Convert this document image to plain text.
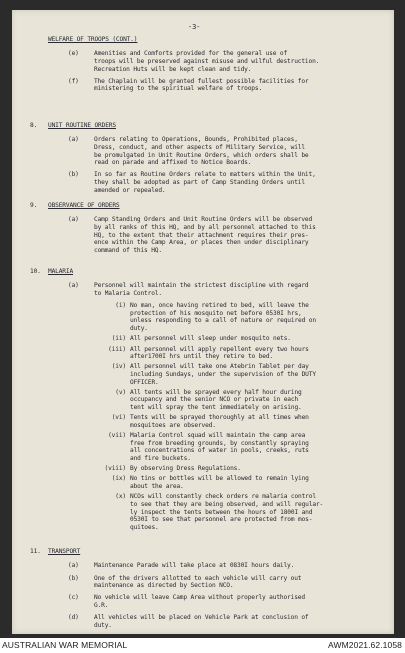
-3-
WELFARE OF TROOPS (CONT.)
(e) Amenities and Comforts provided for the general use of
troops will be preserved against misuse and wilful destruction.
Recreation Huts will be kept clean and tidy.
(f) The Chaplain will be granted fullest possible facilities for
ministering to the spiritual welfare of troops.
8. UNIT ROUTINE ORDERS
(a) Orders relating to Operations, Bounds, Prohibited places,
Dress, conduct, and other aspects of Military Service, will
be promulgated in Unit Routine Orders, which orders shall be
read on parade and affixed to Notice Boards.
(b) In so far as Routine Orders relate to matters within the Unit,
they shall be adopted as part of Camp Standing Orders until
amended or repealed.
9. OBSERVANCE OF ORDERS
(a) Camp Standing Orders and Unit Routine Orders will be observed
by all ranks of this HQ, and by all personnel attached to this
HQ, to the extent that their attachment requires their pres-
ence within the Camp Area, or places then under disciplinary
command of this HQ.
10. MALARIA
(a) Personnel will maintain the strictest discipline with regard
to Malaria Control.
(i) No man, once having retired to bed, will leave the
protection of his mosquito net before 0530I hrs,
unless responding to a call of nature or required on
duty.
(ii) All personnel will sleep under mosquito nets.
(iii) All personnel will apply repellent every two hours
after1700I hrs until they retire to bed.
(iv) All personnel will take one Atebrin Tablet per day
including Sundays, under the supervision of the DUTY
OFFICER.
(v) All tents will be sprayed every half hour during
occupancy and the senior NCO or private in each
tent will spray the tent immediately on arising.
(vi) Tents will be sprayed thoroughly at all times when
mosquitoes are observed.
(vii) Malaria Control squad will maintain the camp area
free from breeding grounds, by constantly spraying
all concentrations of water in pools, creeks, ruts
and fire buckets.
(viii) By observing Dress Regulations.
(ix) No tins or bottles will be allowed to remain lying
about the area.
(x) NCOs will constantly check orders re malaria control
to see that they are being observed, and will regular-
ly inspect the tents between the hours of 1800I and
0530I to see that personnel are protected from mos-
quitoes.
11. TRANSPORT
(a) Maintenance Parade will take place at 0830I hours daily.
(b) One of the drivers allotted to each vehicle will carry out
maintenance as directed by Section NCO.
(c) No vehicle will leave Camp Area without properly authorised
G.R.
(d) All vehicles will be placed on Vehicle Park at conclusion of
duty.
AUSTRALIAN WAR MEMORIAL	AWM2021.62.1058
